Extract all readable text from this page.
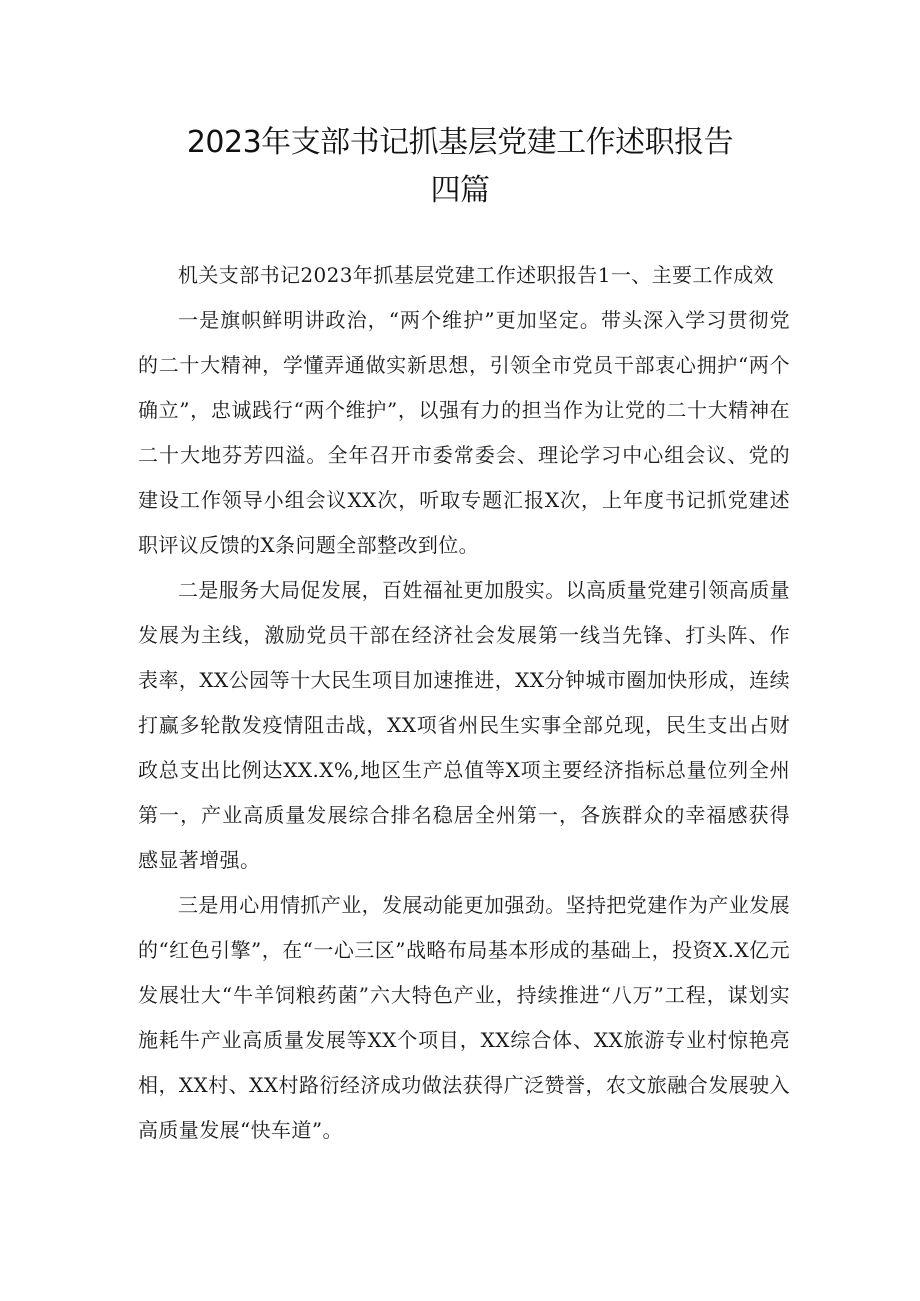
2023年支部书记抓基层党建工作述职报告
四篇

机关支部书记2023年抓基层党建工作述职报告1一、主要工作成效

一是旗帜鲜明讲政治，“两个维护”更加坚定。带头深入学习贯彻党的二十大精神，学懂弄通做实新思想，引领全市党员干部衷心拥护“两个确立”，忠诚践行“两个维护”，以强有力的担当作为让党的二十大精神在二十大地芬芳四溢。全年召开市委常委会、理论学习中心组会议、党的建设工作领导小组会议XX次，听取专题汇报X次，上年度书记抓党建述职评议反馈的X条问题全部整改到位。

二是服务大局促发展，百姓福祉更加殷实。以高质量党建引领高质量发展为主线，激励党员干部在经济社会发展第一线当先锋、打头阵、作表率，XX公园等十大民生项目加速推进，XX分钟城市圈加快形成，连续打赢多轮散发疫情阻击战，XX项省州民生实事全部兑现，民生支出占财政总支出比例达XX.X%,地区生产总值等X项主要经济指标总量位列全州第一，产业高质量发展综合排名稳居全州第一，各族群众的幸福感获得感显著增强。

三是用心用情抓产业，发展动能更加强劲。坚持把党建作为产业发展的“红色引擎”，在“一心三区”战略布局基本形成的基础上，投资X.X亿元发展壮大“牛羊饲粮药菌”六大特色产业，持续推进“八万”工程，谋划实施耗牛产业高质量发展等XX个项目，XX综合体、XX旅游专业村惊艳亮相，XX村、XX村路衍经济成功做法获得广泛赞誉，农文旅融合发展驶入高质量发展“快车道”。
